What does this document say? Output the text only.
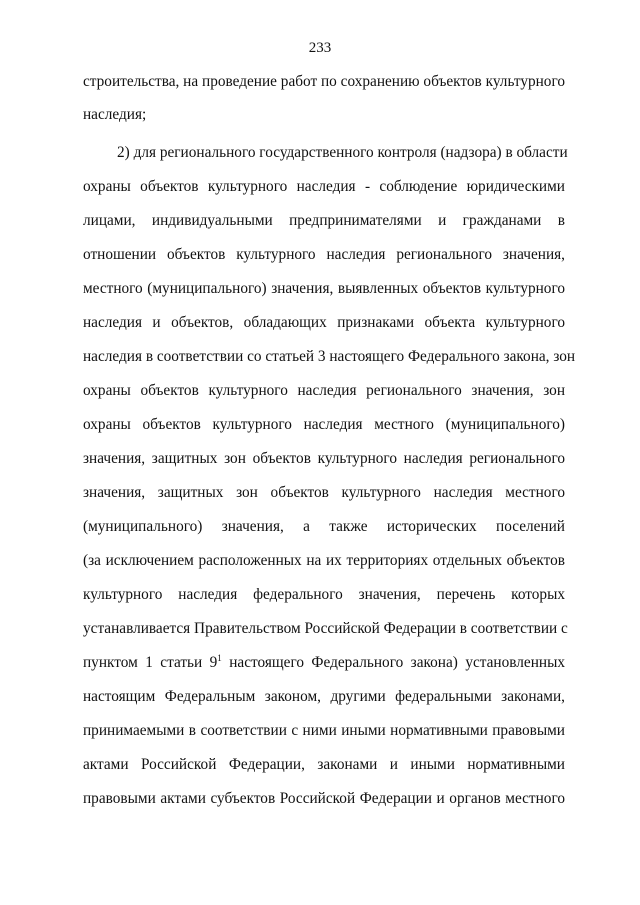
233
строительства, на проведение работ по сохранению объектов культурного
наследия;
2) для регионального государственного контроля (надзора) в области
охраны объектов культурного наследия - соблюдение юридическими
лицами, индивидуальными предпринимателями и гражданами в
отношении объектов культурного наследия регионального значения,
местного (муниципального) значения, выявленных объектов культурного
наследия и объектов, обладающих признаками объекта культурного
наследия в соответствии со статьей 3 настоящего Федерального закона, зон
охраны объектов культурного наследия регионального значения, зон
охраны объектов культурного наследия местного (муниципального)
значения, защитных зон объектов культурного наследия регионального
значения, защитных зон объектов культурного наследия местного
(муниципального) значения, а также исторических поселений
(за исключением расположенных на их территориях отдельных объектов
культурного наследия федерального значения, перечень которых
устанавливается Правительством Российской Федерации в соответствии с
пунктом 1 статьи $9^1$ настоящего Федерального закона) установленных
настоящим Федеральным законом, другими федеральными законами,
принимаемыми в соответствии с ними иными нормативными правовыми
актами Российской Федерации, законами и иными нормативными
правовыми актами субъектов Российской Федерации и органов местного
